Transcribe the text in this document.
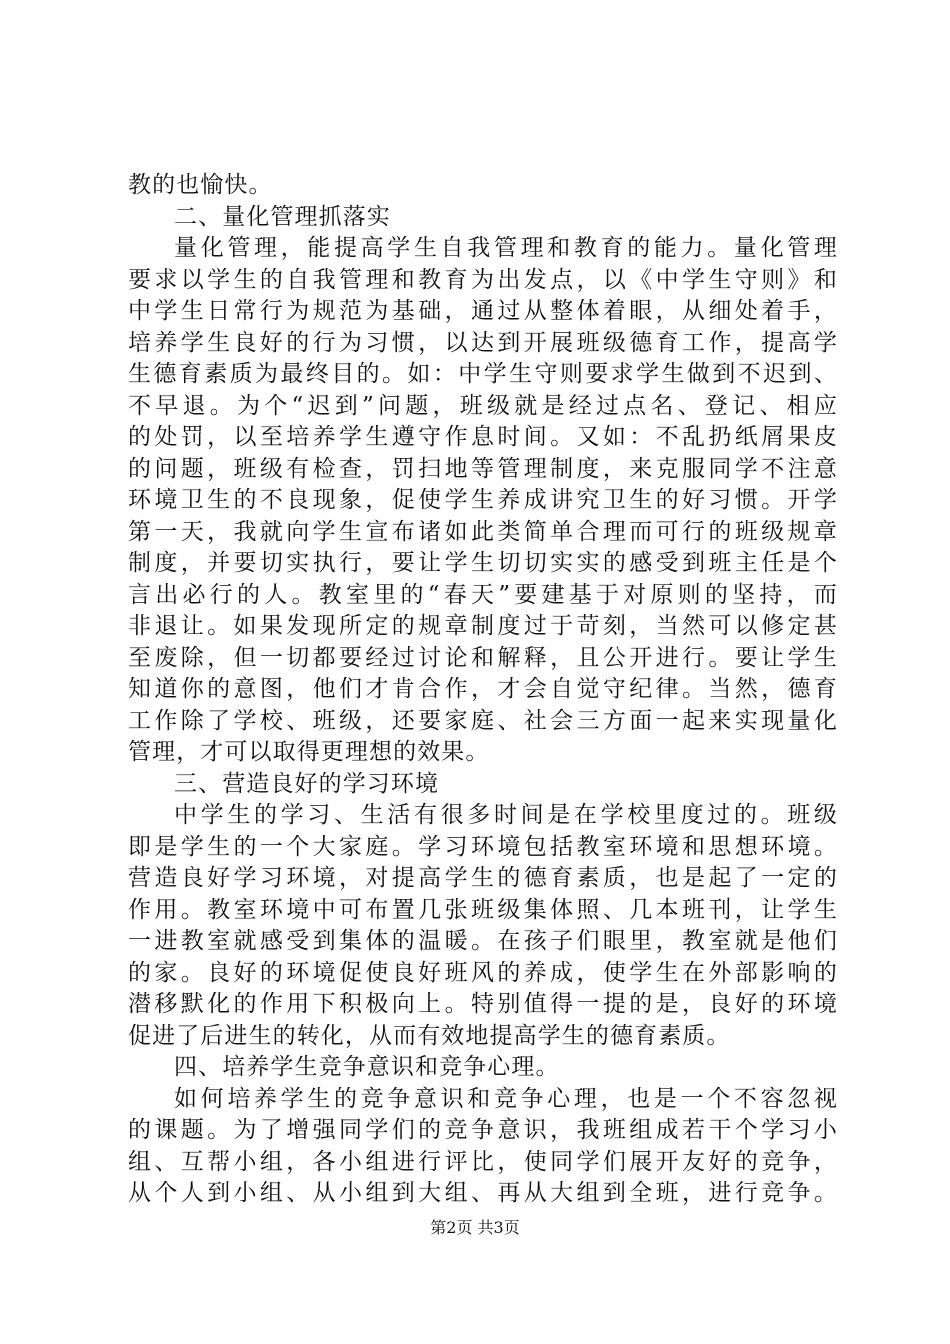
教的也愉快。
二、量化管理抓落实
量化管理，能提高学生自我管理和教育的能力。量化管理
要求以学生的自我管理和教育为出发点，以《中学生守则》和
中学生日常行为规范为基础，通过从整体着眼，从细处着手，
培养学生良好的行为习惯，以达到开展班级德育工作，提高学
生德育素质为最终目的。如：中学生守则要求学生做到不迟到、
不早退。为个“迟到”问题，班级就是经过点名、登记、相应
的处罚，以至培养学生遵守作息时间。又如：不乱扔纸屑果皮
的问题，班级有检查，罚扫地等管理制度，来克服同学不注意
环境卫生的不良现象，促使学生养成讲究卫生的好习惯。开学
第一天，我就向学生宣布诸如此类简单合理而可行的班级规章
制度，并要切实执行，要让学生切切实实的感受到班主任是个
言出必行的人。教室里的“春天”要建基于对原则的坚持，而
非退让。如果发现所定的规章制度过于苛刻，当然可以修定甚
至废除，但一切都要经过讨论和解释，且公开进行。要让学生
知道你的意图，他们才肯合作，才会自觉守纪律。当然，德育
工作除了学校、班级，还要家庭、社会三方面一起来实现量化
管理，才可以取得更理想的效果。
三、营造良好的学习环境
中学生的学习、生活有很多时间是在学校里度过的。班级
即是学生的一个大家庭。学习环境包括教室环境和思想环境。
营造良好学习环境，对提高学生的德育素质，也是起了一定的
作用。教室环境中可布置几张班级集体照、几本班刊，让学生
一进教室就感受到集体的温暖。在孩子们眼里，教室就是他们
的家。良好的环境促使良好班风的养成，使学生在外部影响的
潜移默化的作用下积极向上。特别值得一提的是，良好的环境
促进了后进生的转化，从而有效地提高学生的德育素质。
四、培养学生竞争意识和竞争心理。
如何培养学生的竞争意识和竞争心理，也是一个不容忽视
的课题。为了增强同学们的竞争意识，我班组成若干个学习小
组、互帮小组，各小组进行评比，使同学们展开友好的竞争，
从个人到小组、从小组到大组、再从大组到全班，进行竞争。
第2页 共3页
